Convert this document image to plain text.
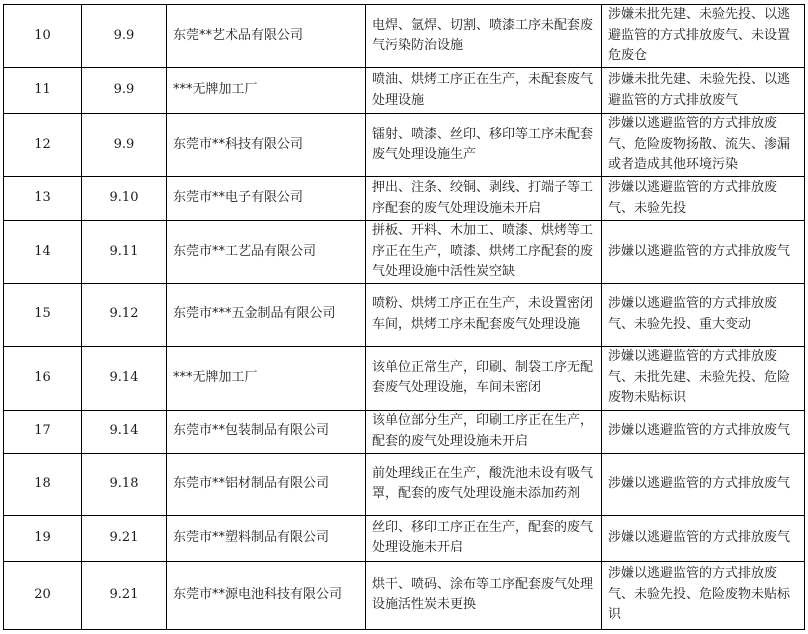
10	9.9	东莞**艺术品有限公司	电焊、氩焊、切割、喷漆工序未配套废气污染防治设施	涉嫌未批先建、未验先投、以逃避监管的方式排放废气、未设置危废仓
11	9.9	***无牌加工厂	喷油、烘烤工序正在生产，未配套废气处理设施	涉嫌未批先建、未验先投、以逃避监管的方式排放废气
12	9.9	东莞市**科技有限公司	镭射、喷漆、丝印、移印等工序未配套废气处理设施生产	涉嫌以逃避监管的方式排放废气、危险废物扬散、流失、渗漏或者造成其他环境污染
13	9.10	东莞市**电子有限公司	押出、注条、绞铜、剥线、打端子等工序配套的废气处理设施未开启	涉嫌以逃避监管的方式排放废气、未验先投
14	9.11	东莞市**工艺品有限公司	拼板、开料、木加工、喷漆、烘烤等工序正在生产，喷漆、烘烤工序配套的废气处理设施中活性炭空缺	涉嫌以逃避监管的方式排放废气
15	9.12	东莞市***五金制品有限公司	喷粉、烘烤工序正在生产，未设置密闭车间，烘烤工序未配套废气处理设施	涉嫌以逃避监管的方式排放废气、未验先投、重大变动
16	9.14	***无牌加工厂	该单位正常生产，印刷、制袋工序无配套废气处理设施，车间未密闭	涉嫌以逃避监管的方式排放废气、未批先建、未验先投、危险废物未贴标识
17	9.14	东莞市**包装制品有限公司	该单位部分生产，印刷工序正在生产，配套的废气处理设施未开启	涉嫌以逃避监管的方式排放废气
18	9.18	东莞市**铝材制品有限公司	前处理线正在生产，酸洗池未设有吸气罩，配套的废气处理设施未添加药剂	涉嫌以逃避监管的方式排放废气
19	9.21	东莞市**塑料制品有限公司	丝印、移印工序正在生产，配套的废气处理设施未开启	涉嫌以逃避监管的方式排放废气
20	9.21	东莞市**源电池科技有限公司	烘干、喷码、涂布等工序配套废气处理设施活性炭未更换	涉嫌以逃避监管的方式排放废气、未验先投、危险废物未贴标识
